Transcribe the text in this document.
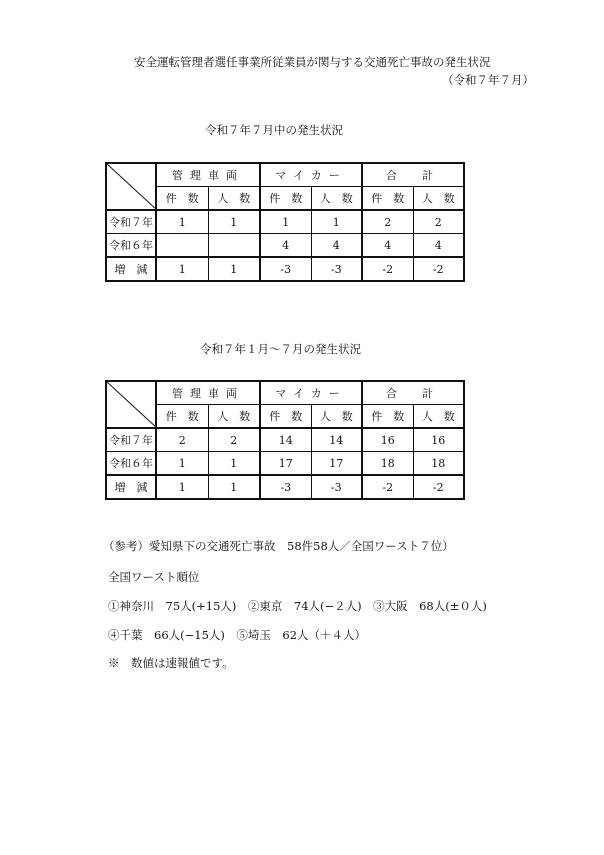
安全運転管理者選任事業所従業員が関与する交通死亡事故の発生状況
（令和７年７月）
令和７年７月中の発生状況
	管理車両		マイカー		合　計	
	件　数	人　数	件　数	人　数	件　数	人　数
令和７年	1	1	1	1	2	2
令和６年			4	4	4	4
増　減	1	1	-3	-3	-2	-2
令和７年１月～７月の発生状況
	管理車両		マイカー		合　計	
	件　数	人　数	件　数	人　数	件　数	人　数
令和７年	2	2	14	14	16	16
令和６年	1	1	17	17	18	18
増　減	1	1	-3	-3	-2	-2
（参考）愛知県下の交通死亡事故　58件58人／全国ワースト７位）
全国ワースト順位
①神奈川　75人(+15人)　②東京　74人(−２人)　③大阪　68人(±０人)
④千葉　66人(−15人)　⑤埼玉　62人（＋４人）
※　数値は速報値です。
